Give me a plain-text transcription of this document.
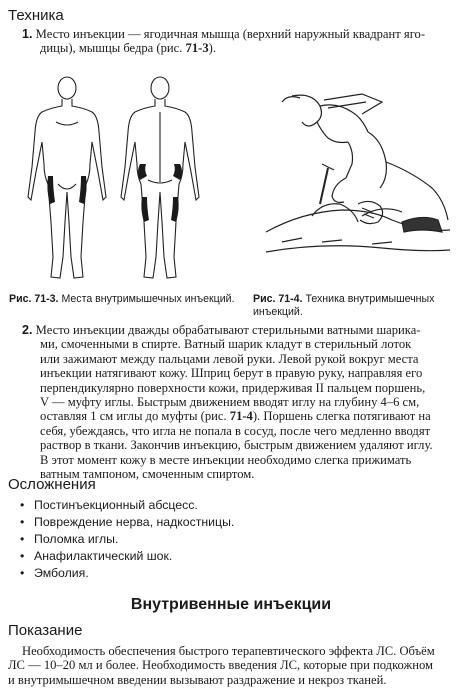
Техника
1. Место инъекции — ягодичная мышца (верхний наружный квадрант яго-
дицы), мышцы бедра (рис. 71-3).
Рис. 71-3. Места внутримышечных инъекций.	Рис. 71-4. Техника внутримышечных
инъекций.
2. Место инъекции дважды обрабатывают стерильными ватными шарика-
ми, смоченными в спирте. Ватный шарик кладут в стерильный лоток
или зажимают между пальцами левой руки. Левой рукой вокруг места
инъекции натягивают кожу. Шприц берут в правую руку, направляя его
перпендикулярно поверхности кожи, придерживая II пальцем поршень,
V — муфту иглы. Быстрым движением вводят иглу на глубину 4–6 см,
оставляя 1 см иглы до муфты (рис. 71-4). Поршень слегка потягивают на
себя, убеждаясь, что игла не попала в сосуд, после чего медленно вводят
раствор в ткани. Закончив инъекцию, быстрым движением удаляют иглу.
В этот момент кожу в месте инъекции необходимо слегка прижимать
ватным тампоном, смоченным спиртом.
Осложнения
• Постинъекционный абсцесс.
• Повреждение нерва, надкостницы.
• Поломка иглы.
• Анафилактический шок.
• Эмболия.
Внутривенные инъекции
Показание
Необходимость обеспечения быстрого терапевтического эффекта ЛС. Объём
ЛС — 10–20 мл и более. Необходимость введения ЛС, которые при подкожном
и внутримышечном введении вызывают раздражение и некроз тканей.
